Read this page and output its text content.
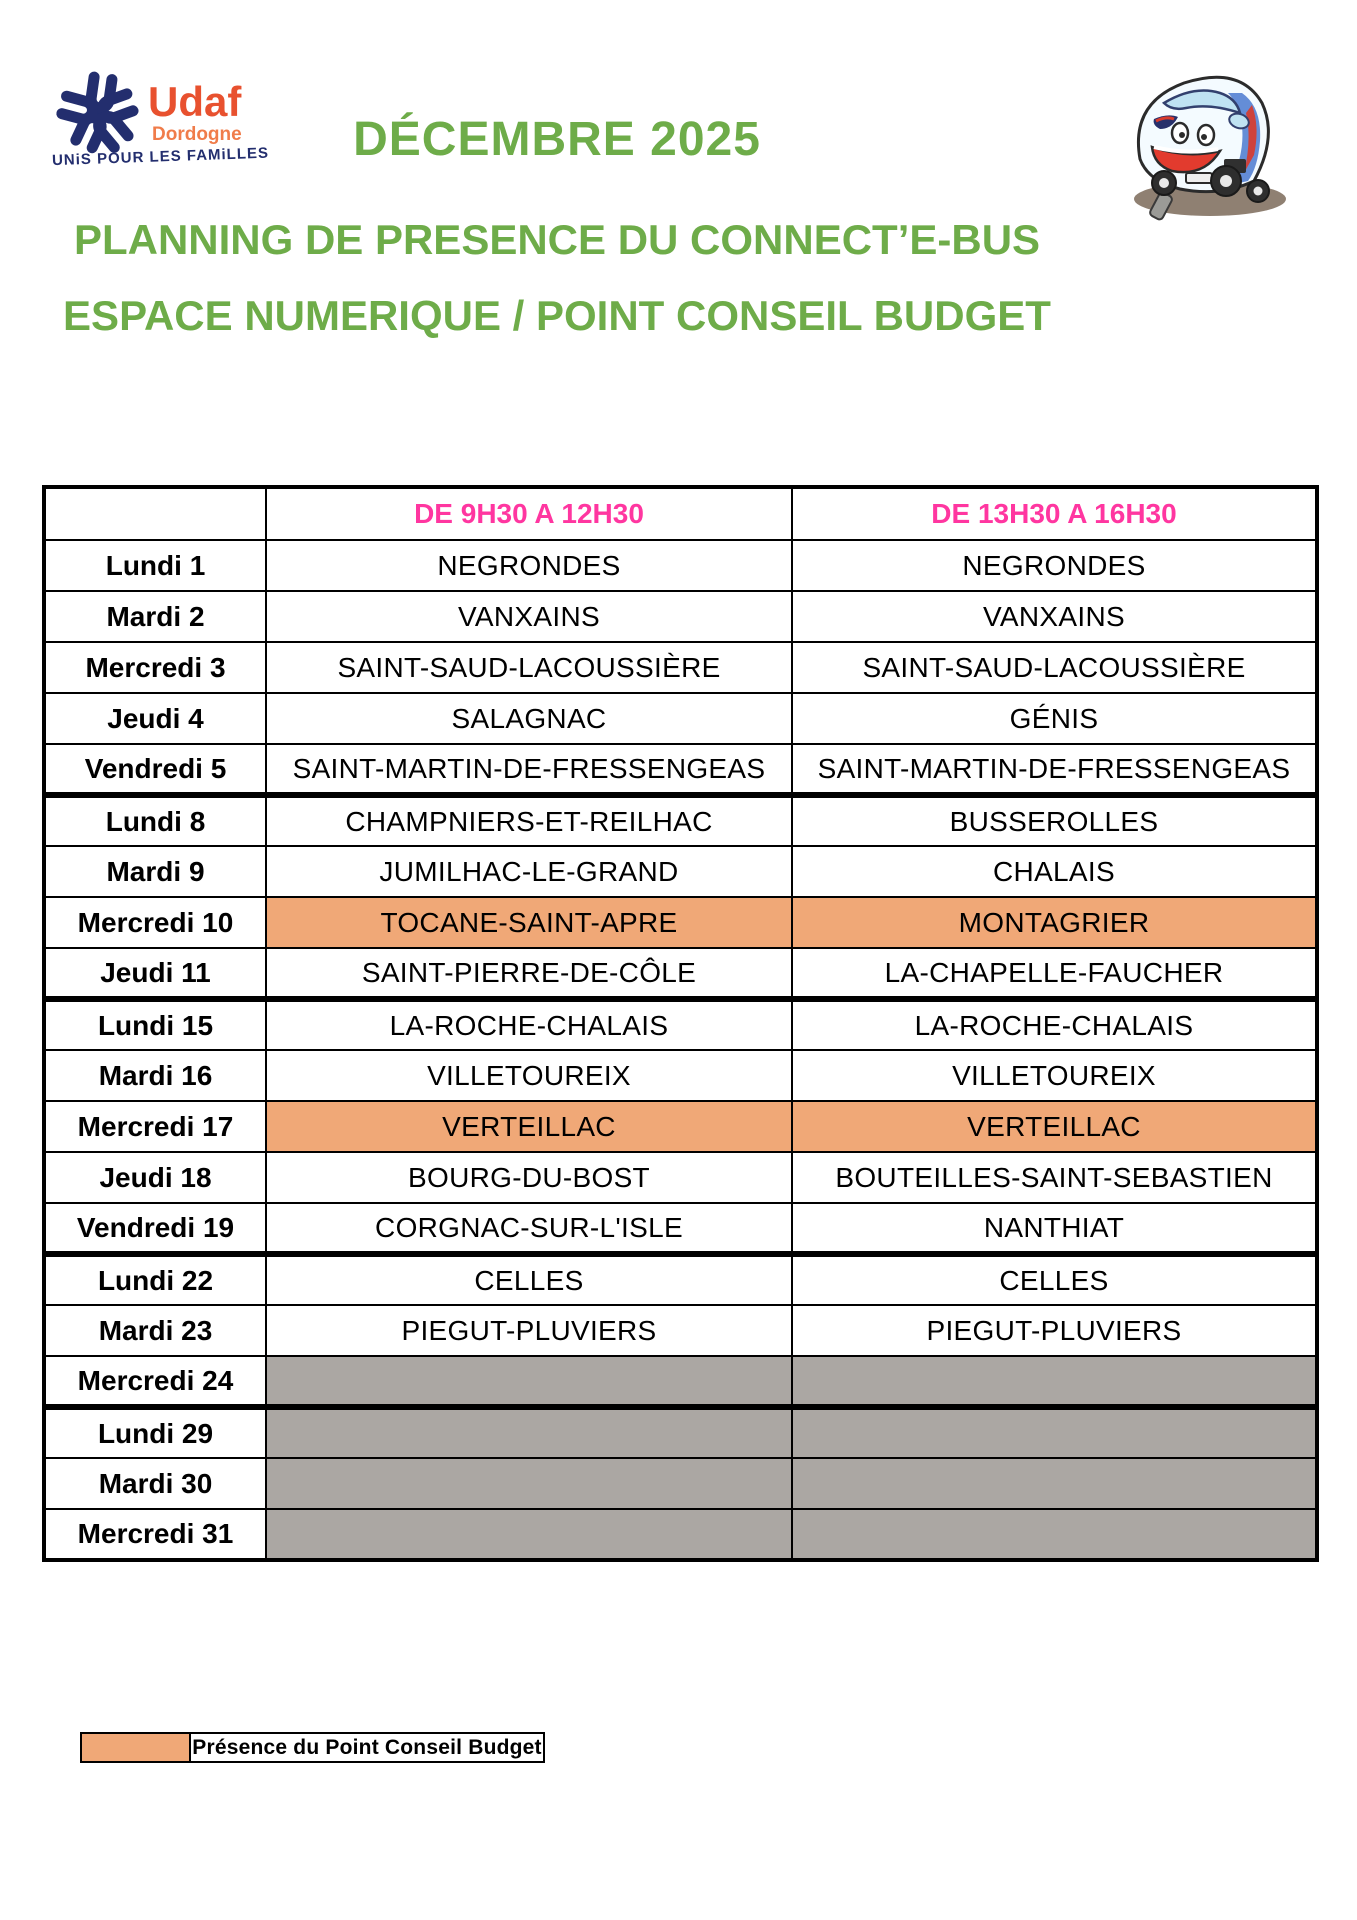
Udaf
Dordogne
UNiS POUR LES FAMiLLES	DÉCEMBRE 2025
PLANNING DE PRESENCE DU CONNECT’E-BUS
ESPACE NUMERIQUE / POINT CONSEIL BUDGET
	DE 9H30 A 12H30	DE 13H30 A 16H30
Lundi 1	NEGRONDES	NEGRONDES
Mardi 2	VANXAINS	VANXAINS
Mercredi 3	SAINT-SAUD-LACOUSSIÈRE	SAINT-SAUD-LACOUSSIÈRE
Jeudi 4	SALAGNAC	GÉNIS
Vendredi 5	SAINT-MARTIN-DE-FRESSENGEAS	SAINT-MARTIN-DE-FRESSENGEAS
Lundi 8	CHAMPNIERS-ET-REILHAC	BUSSEROLLES
Mardi 9	JUMILHAC-LE-GRAND	CHALAIS
Mercredi 10	TOCANE-SAINT-APRE	MONTAGRIER
Jeudi 11	SAINT-PIERRE-DE-CÔLE	LA-CHAPELLE-FAUCHER
Lundi 15	LA-ROCHE-CHALAIS	LA-ROCHE-CHALAIS
Mardi 16	VILLETOUREIX	VILLETOUREIX
Mercredi 17	VERTEILLAC	VERTEILLAC
Jeudi 18	BOURG-DU-BOST	BOUTEILLES-SAINT-SEBASTIEN
Vendredi 19	CORGNAC-SUR-L'ISLE	NANTHIAT
Lundi 22	CELLES	CELLES
Mardi 23	PIEGUT-PLUVIERS	PIEGUT-PLUVIERS
Mercredi 24		
Lundi 29		
Mardi 30		
Mercredi 31		
Présence du Point Conseil Budget
